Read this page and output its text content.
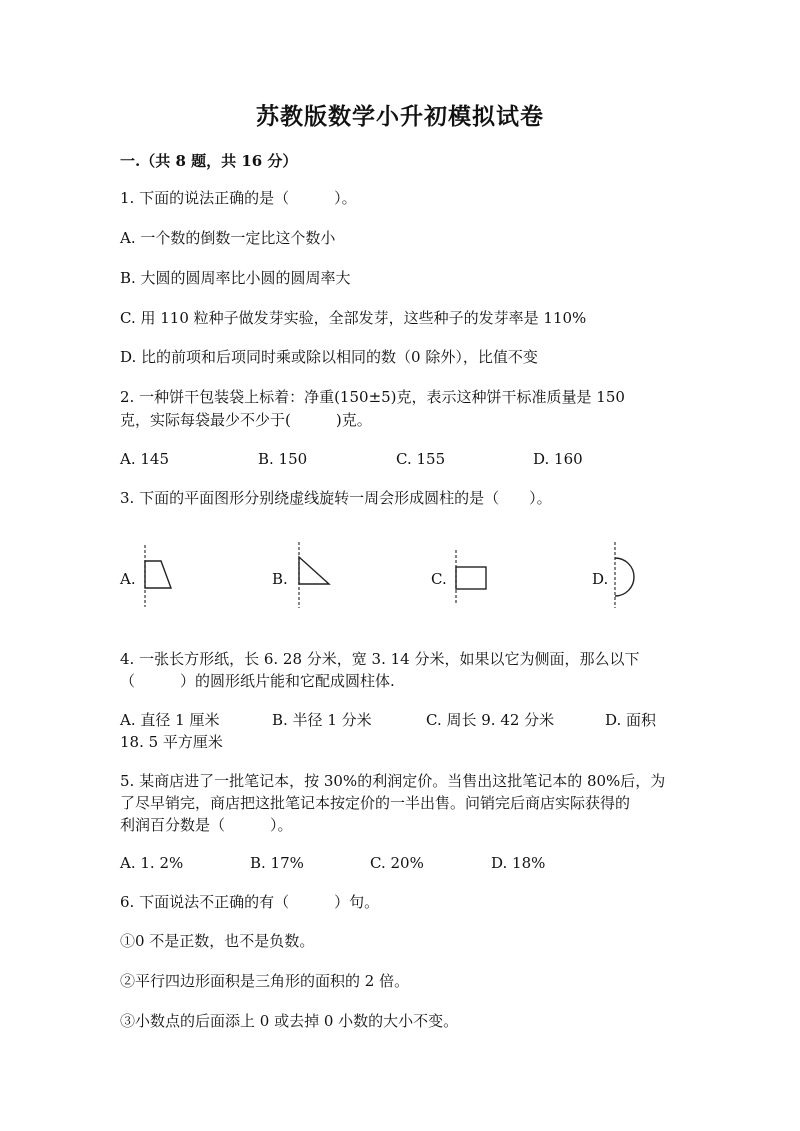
苏教版数学小升初模拟试卷
一.（共 8 题，共 16 分）
1. 下面的说法正确的是（　　　）。
A. 一个数的倒数一定比这个数小
B. 大圆的圆周率比小圆的圆周率大
C. 用 110 粒种子做发芽实验，全部发芽，这些种子的发芽率是 110%
D. 比的前项和后项同时乘或除以相同的数（0 除外），比值不变
2. 一种饼干包装袋上标着：净重(150±5)克，表示这种饼干标准质量是 150
克，实际每袋最少不少于(　　　)克。
A. 145	B. 150	C. 155	D. 160
3. 下面的平面图形分别绕虚线旋转一周会形成圆柱的是（　　）。
A.	B.	C.	D.
4. 一张长方形纸，长 6. 28 分米，宽 3. 14 分米，如果以它为侧面，那么以下
（　　　）的圆形纸片能和它配成圆柱体.
A. 直径 1 厘米	B. 半径 1 分米	C. 周长 9. 42 分米	D. 面积
18. 5 平方厘米
5. 某商店进了一批笔记本，按 30%的利润定价。当售出这批笔记本的 80%后，为
了尽早销完，商店把这批笔记本按定价的一半出售。问销完后商店实际获得的
利润百分数是（　　　）。
A. 1. 2%	B. 17%	C. 20%	D. 18%
6. 下面说法不正确的有（　　　）句。
①0 不是正数，也不是负数。
②平行四边形面积是三角形的面积的 2 倍。
③小数点的后面添上 0 或去掉 0 小数的大小不变。
